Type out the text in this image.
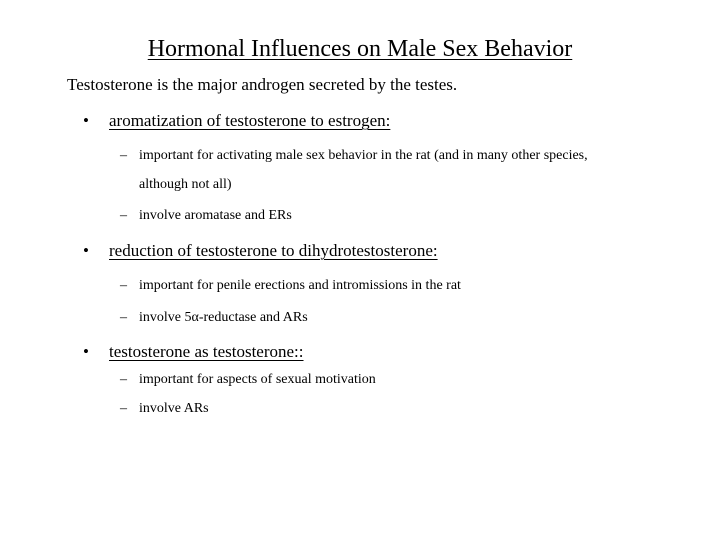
Hormonal Influences on Male Sex Behavior
Testosterone is the major androgen secreted by the testes.
• aromatization of testosterone to estrogen:
– important for activating male sex behavior in the rat (and in many other species,
although not all)
– involve aromatase and ERs
• reduction of testosterone to dihydrotestosterone:
– important for penile erections and intromissions in the rat
– involve 5α-reductase and ARs
• testosterone as testosterone::
– important for aspects of sexual motivation
– involve ARs
